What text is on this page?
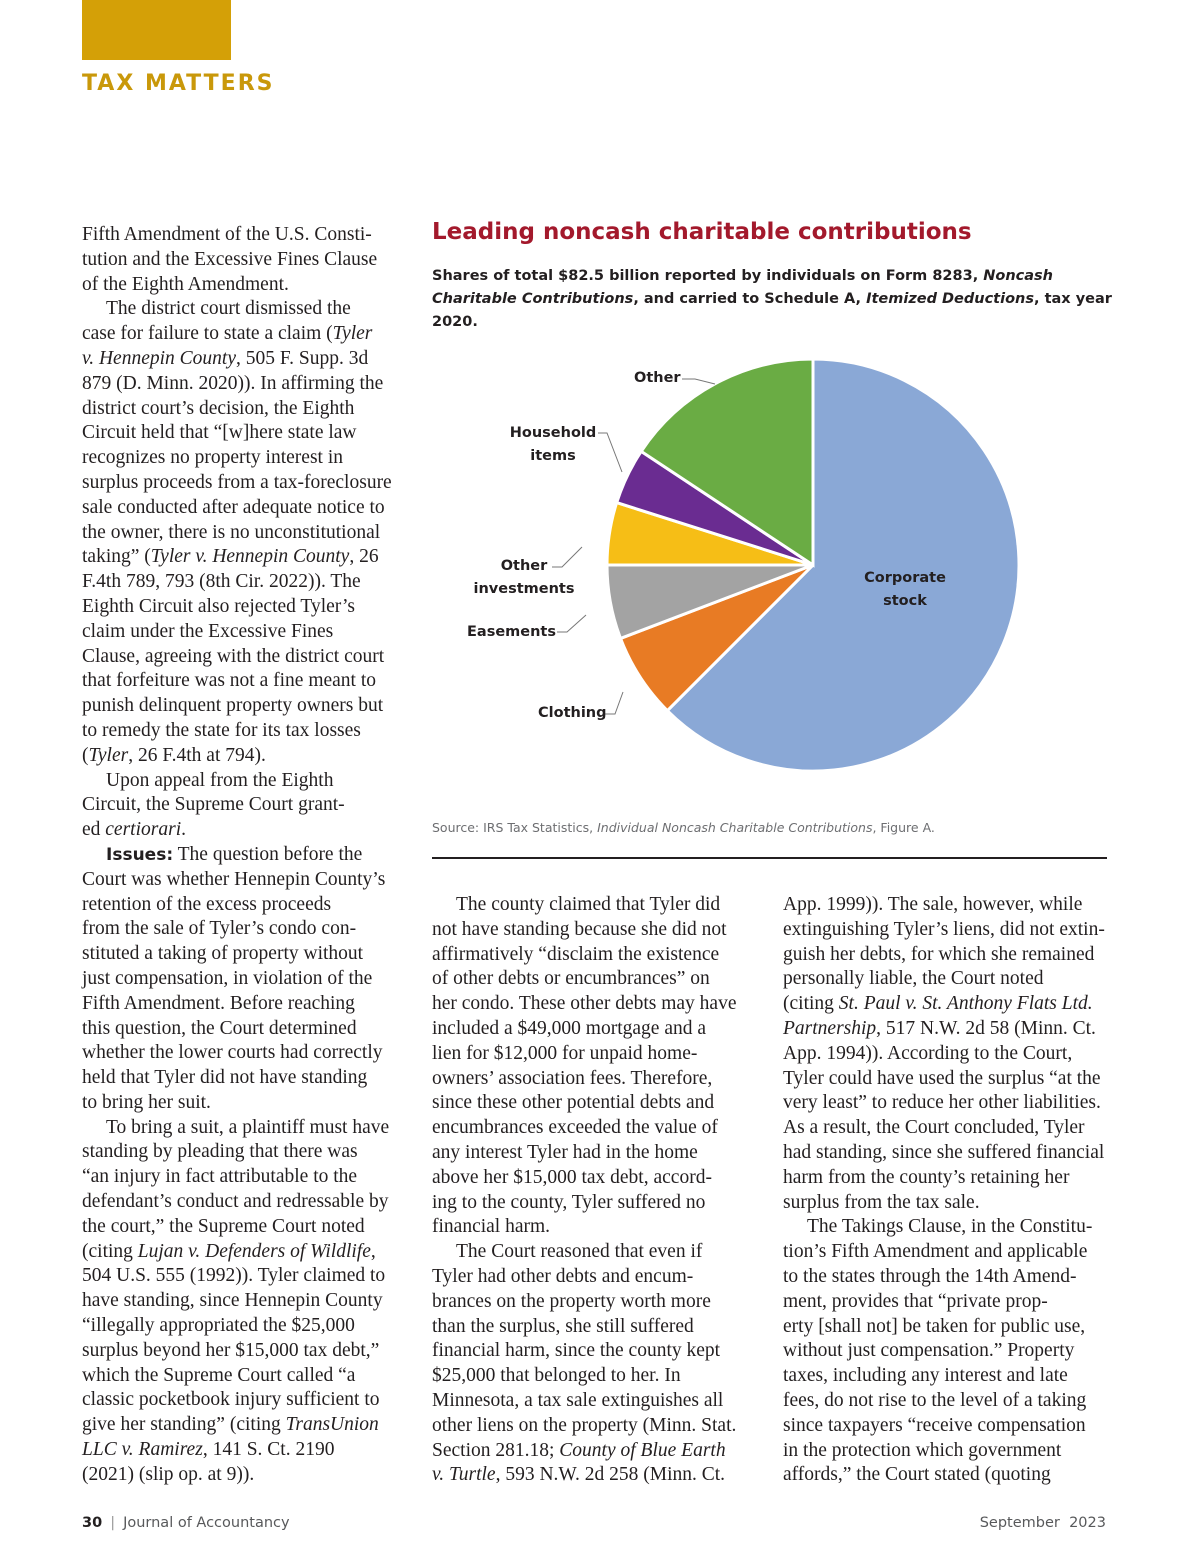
TAX MATTERS
Fifth Amendment of the U.S. Consti-
tution and the Excessive Fines Clause
of the Eighth Amendment.
The district court dismissed the
case for failure to state a claim (Tyler
v. Hennepin County, 505 F. Supp. 3d
879 (D. Minn. 2020)). In affirming the
district court’s decision, the Eighth
Circuit held that “[w]here state law
recognizes no property interest in
surplus proceeds from a tax-foreclosure
sale conducted after adequate notice to
the owner, there is no unconstitutional
taking” (Tyler v. Hennepin County, 26
F.4th 789, 793 (8th Cir. 2022)). The
Eighth Circuit also rejected Tyler’s
claim under the Excessive Fines
Clause, agreeing with the district court
that forfeiture was not a fine meant to
punish delinquent property owners but
to remedy the state for its tax losses
(Tyler, 26 F.4th at 794).
Upon appeal from the Eighth
Circuit, the Supreme Court grant-
ed certiorari.
Issues: The question before the
Court was whether Hennepin County’s
retention of the excess proceeds
from the sale of Tyler’s condo con-
stituted a taking of property without
just compensation, in violation of the
Fifth Amendment. Before reaching
this question, the Court determined
whether the lower courts had correctly
held that Tyler did not have standing
to bring her suit.
To bring a suit, a plaintiff must have
standing by pleading that there was
“an injury in fact attributable to the
defendant’s conduct and redressable by
the court,” the Supreme Court noted
(citing Lujan v. Defenders of Wildlife,
504 U.S. 555 (1992)). Tyler claimed to
have standing, since Hennepin County
“illegally appropriated the $25,000
surplus beyond her $15,000 tax debt,”
which the Supreme Court called “a
classic pocketbook injury sufficient to
give her standing” (citing TransUnion
LLC v. Ramirez, 141 S. Ct. 2190
(2021) (slip op. at 9)).
Leading noncash charitable contributions
Shares of total $82.5 billion reported by individuals on Form 8283, Noncash Charitable Contributions, and carried to Schedule A, Itemized Deductions, tax year 2020.
Corporate
stock
Clothing
Easements
Other
investments
Household
items
Other
Source: IRS Tax Statistics, Individual Noncash Charitable Contributions, Figure A.
The county claimed that Tyler did
not have standing because she did not
affirmatively “disclaim the existence
of other debts or encumbrances” on
her condo. These other debts may have
included a $49,000 mortgage and a
lien for $12,000 for unpaid home-
owners’ association fees. Therefore,
since these other potential debts and
encumbrances exceeded the value of
any interest Tyler had in the home
above her $15,000 tax debt, accord-
ing to the county, Tyler suffered no
financial harm.
The Court reasoned that even if
Tyler had other debts and encum-
brances on the property worth more
than the surplus, she still suffered
financial harm, since the county kept
$25,000 that belonged to her. In
Minnesota, a tax sale extinguishes all
other liens on the property (Minn. Stat.
Section 281.18; County of Blue Earth
v. Turtle, 593 N.W. 2d 258 (Minn. Ct.
App. 1999)). The sale, however, while
extinguishing Tyler’s liens, did not extin-
guish her debts, for which she remained
personally liable, the Court noted
(citing St. Paul v. St. Anthony Flats Ltd.
Partnership, 517 N.W. 2d 58 (Minn. Ct.
App. 1994)). According to the Court,
Tyler could have used the surplus “at the
very least” to reduce her other liabilities.
As a result, the Court concluded, Tyler
had standing, since she suffered financial
harm from the county’s retaining her
surplus from the tax sale.
The Takings Clause, in the Constitu-
tion’s Fifth Amendment and applicable
to the states through the 14th Amend-
ment, provides that “private prop-
erty [shall not] be taken for public use,
without just compensation.” Property
taxes, including any interest and late
fees, do not rise to the level of a taking
since taxpayers “receive compensation
in the protection which government
affords,” the Court stated (quoting
30 | Journal of Accountancy	September  2023
